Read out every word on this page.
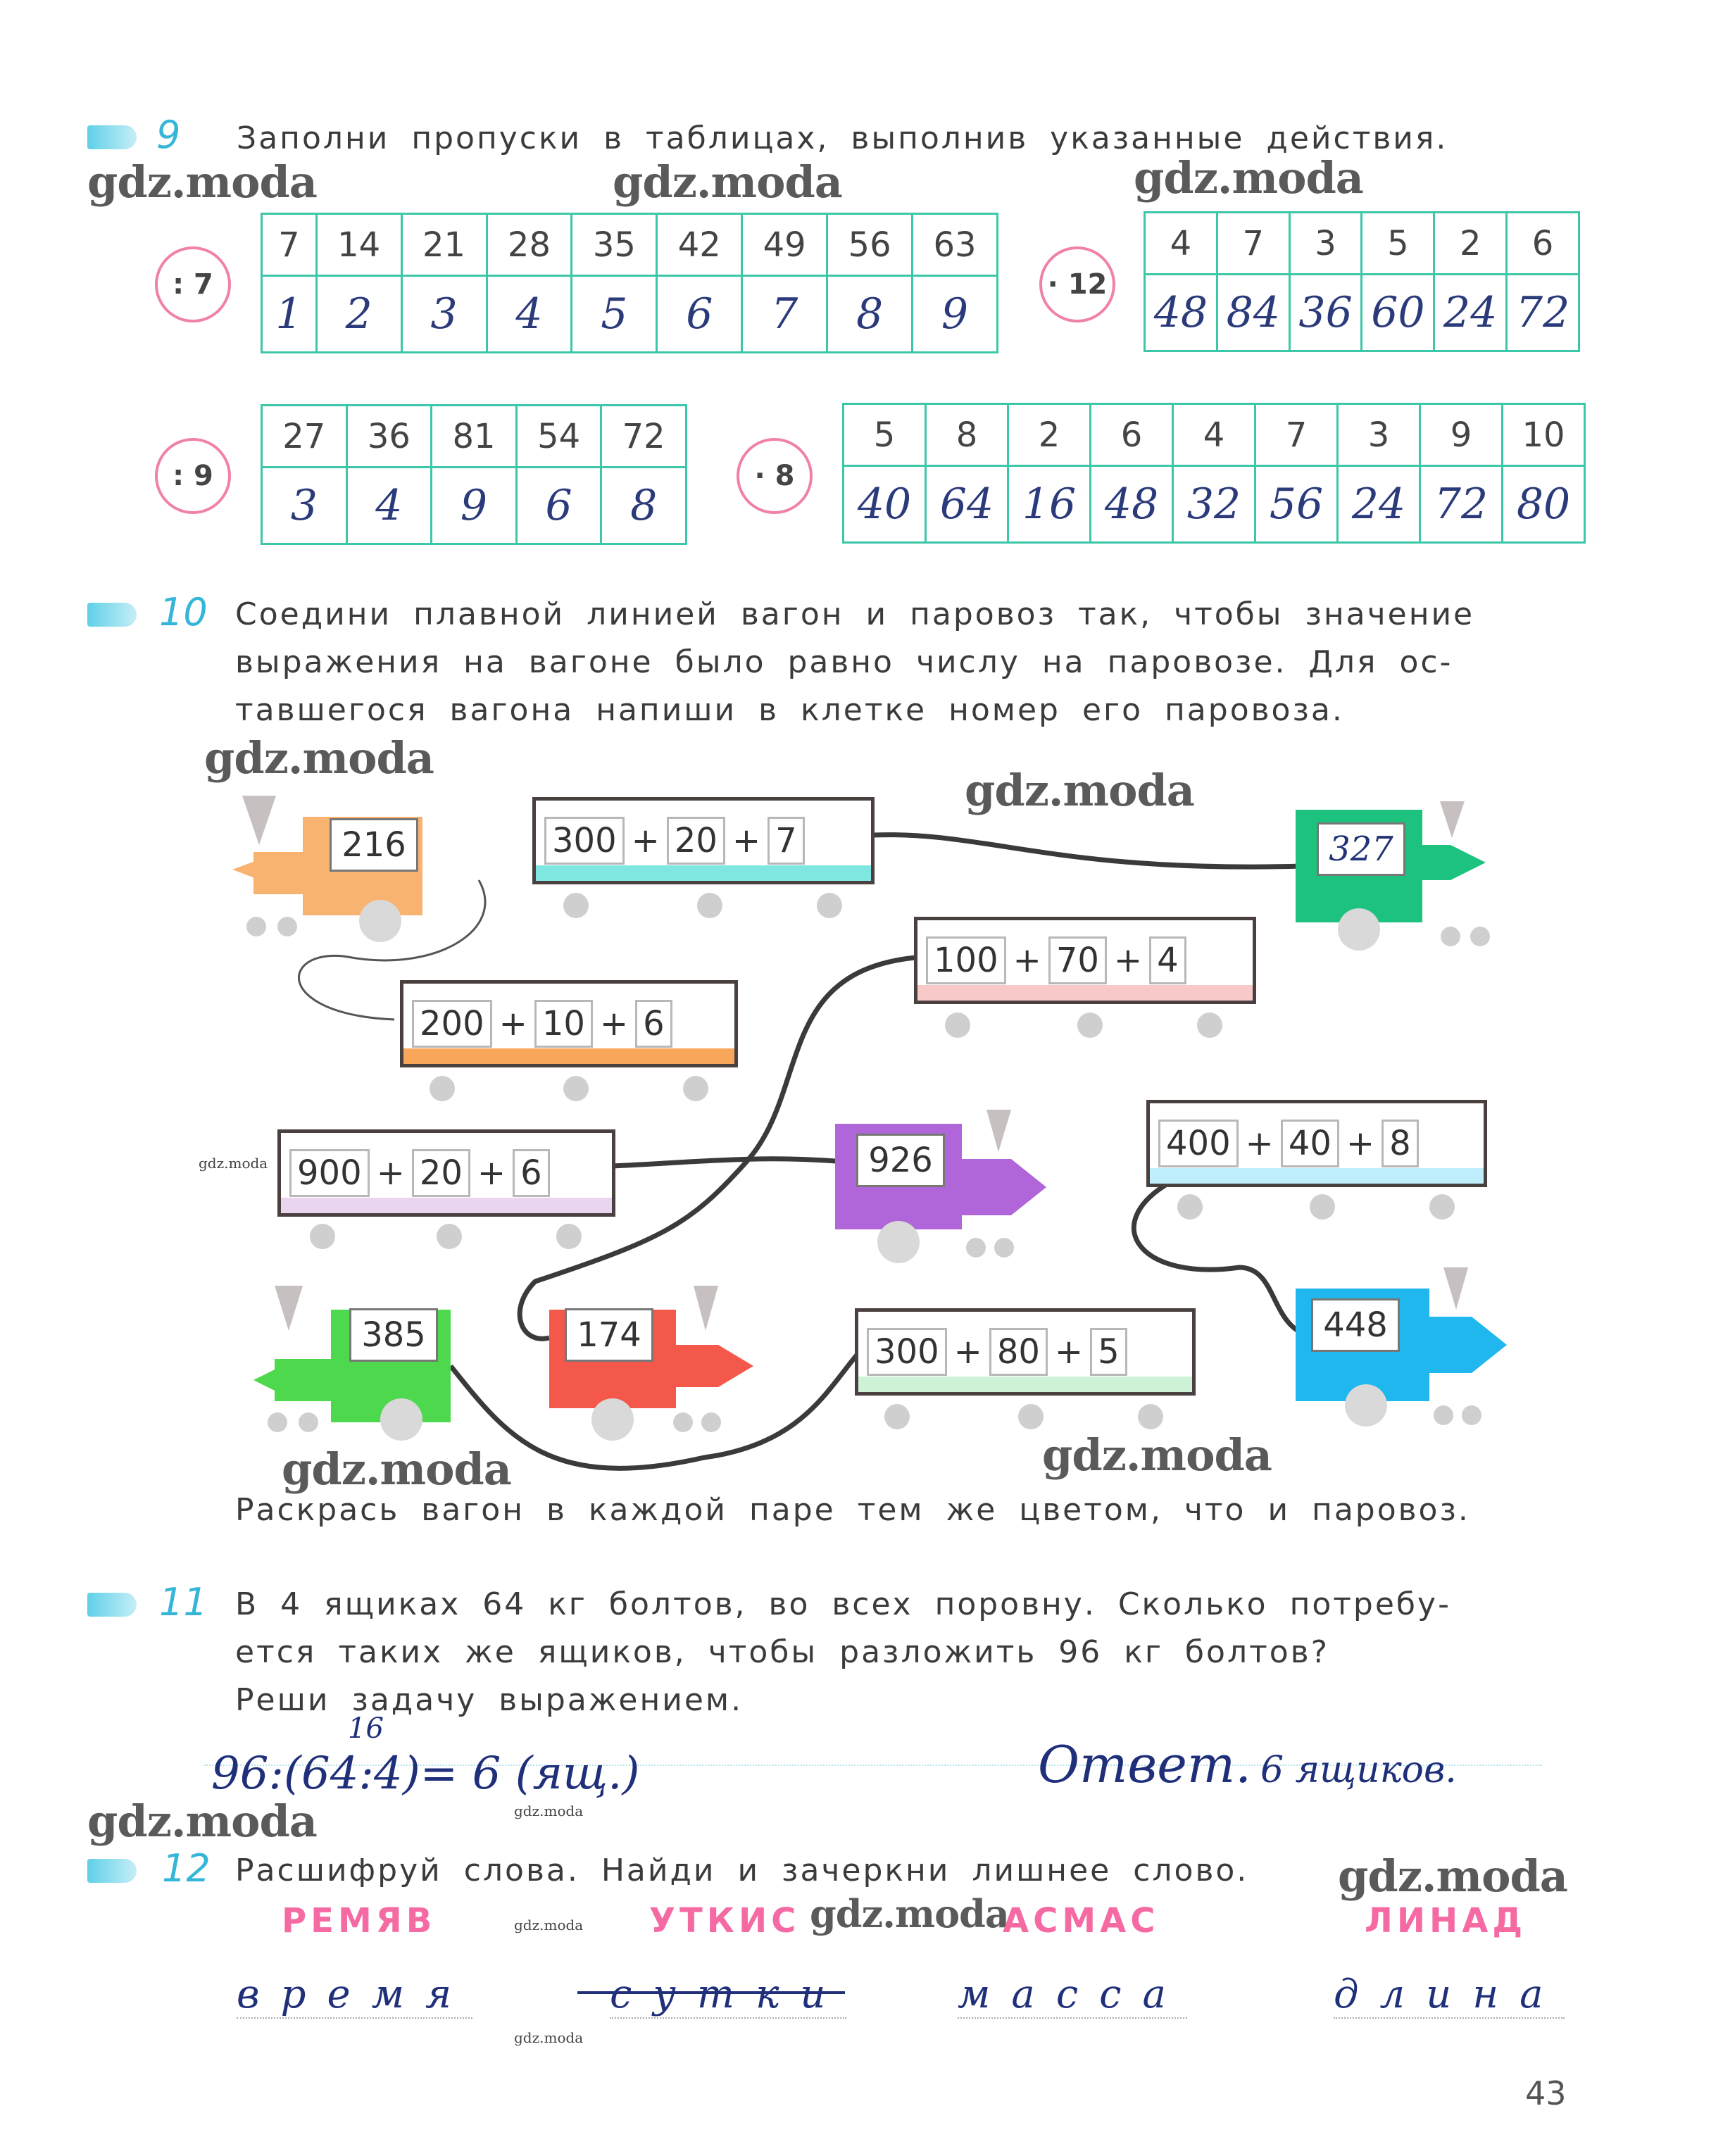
9 Заполни пропуски в таблицах, выполнив указанные действия.
gdz.moda	gdz.moda	gdz.moda
: 7
7	14	21	28	35	42	49	56	63
1	2	3	4	5	6	7	8	9
· 12
4	7	3	5	2	6
48	84	36	60	24	72
: 9
27	36	81	54	72
3	4	9	6	8
· 8
5	8	2	6	4	7	3	9	10
40	64	16	48	32	56	24	72	80
10 Соедини плавной линией вагон и паровоз так, чтобы значение
выражения на вагоне было равно числу на паровозе. Для ос-
тавшегося вагона напиши в клетке номер его паровоза.
gdz.moda
gdz.moda
216	327
300 + 20 + 7
100 + 70 + 4
200 + 10 + 6
900 + 20 + 6
gdz.moda	926	400 + 40 + 8
385	174	300 + 80 + 5
448
gdz.moda	gdz.moda
Раскрась вагон в каждой паре тем же цветом, что и паровоз.
11 В 4 ящиках 64 кг болтов, во всех поровну. Сколько потребу-
ется таких же ящиков, чтобы разложить 96 кг болтов?
Реши задачу выражением.
16
96:(64:4)= 6 (ящ.)	Ответ. 6 ящиков.
gdz.moda	gdz.moda
12 Расшифруй слова. Найди и зачеркни лишнее слово. gdz.moda
gdz.moda
gdz.moda
gdz.moda
РЕМЯВ	УТКИС	АСМАС	ЛИНАД
время	сутки	масса	длина
43
